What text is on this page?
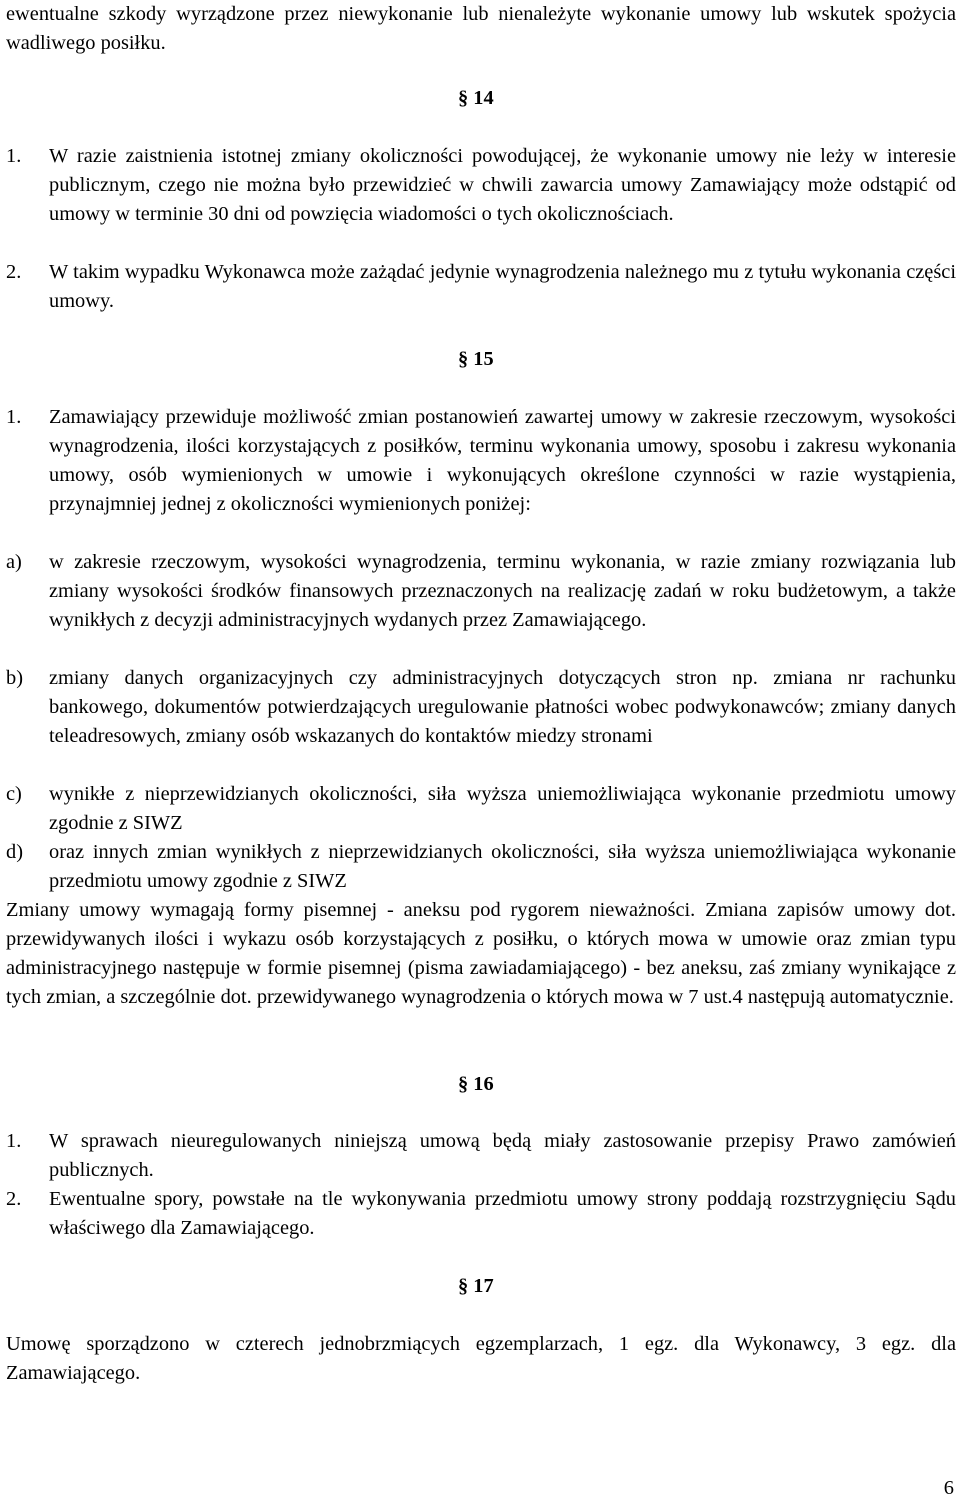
ewentualne szkody wyrządzone przez niewykonanie lub nienależyte wykonanie umowy lub wskutek spożycia wadliwego posiłku.

§ 14
1.	W razie zaistnienia istotnej zmiany okoliczności powodującej, że wykonanie umowy nie leży w interesie publicznym, czego nie można było przewidzieć w chwili zawarcia umowy Zamawiający może odstąpić od umowy w terminie 30 dni od powzięcia wiadomości o tych okolicznościach.
2.	W takim wypadku Wykonawca może zażądać jedynie wynagrodzenia należnego mu z tytułu wykonania części umowy.
§ 15
1.	Zamawiający przewiduje możliwość zmian postanowień zawartej umowy w zakresie rzeczowym, wysokości wynagrodzenia, ilości korzystających z posiłków, terminu wykonania umowy, sposobu i zakresu wykonania umowy, osób wymienionych w umowie i wykonujących określone czynności w razie wystąpienia, przynajmniej jednej z okoliczności wymienionych poniżej:
a)	w zakresie rzeczowym, wysokości wynagrodzenia, terminu wykonania, w razie zmiany rozwiązania lub zmiany wysokości środków finansowych przeznaczonych na realizację zadań w roku budżetowym, a także wynikłych z decyzji administracyjnych wydanych przez Zamawiającego.
b)	zmiany danych organizacyjnych czy administracyjnych dotyczących stron np. zmiana nr rachunku bankowego, dokumentów potwierdzających uregulowanie płatności wobec podwykonawców; zmiany danych teleadresowych, zmiany osób wskazanych do kontaktów miedzy stronami
c)	wynikłe z nieprzewidzianych okoliczności, siła wyższa uniemożliwiająca wykonanie przedmiotu umowy zgodnie z SIWZ
d)	oraz innych zmian wynikłych z nieprzewidzianych okoliczności, siła wyższa uniemożliwiająca wykonanie przedmiotu umowy zgodnie z SIWZ

Zmiany umowy wymagają formy pisemnej - aneksu pod rygorem nieważności. Zmiana zapisów umowy dot. przewidywanych ilości i wykazu osób korzystających z posiłku, o których mowa w umowie oraz zmian typu administracyjnego następuje w formie pisemnej (pisma zawiadamiającego) - bez aneksu, zaś zmiany wynikające z tych zmian, a szczególnie dot. przewidywanego wynagrodzenia o których mowa w 7 ust.4 następują automatycznie.

§ 16
1.	W sprawach nieuregulowanych niniejszą umową będą miały zastosowanie przepisy Prawo zamówień publicznych.
2.	Ewentualne spory, powstałe na tle wykonywania przedmiotu umowy strony poddają rozstrzygnięciu Sądu właściwego dla Zamawiającego.
§ 17

Umowę sporządzono w czterech jednobrzmiących egzemplarzach, 1 egz. dla Wykonawcy, 3 egz. dla Zamawiającego.

6
